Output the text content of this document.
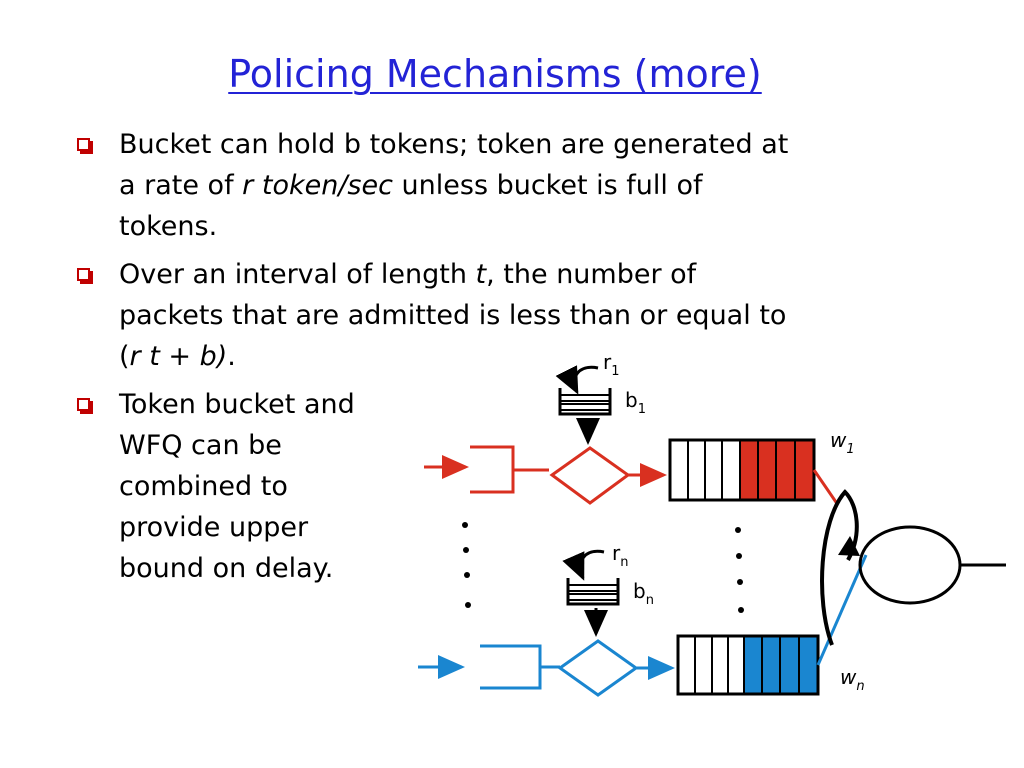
Policing Mechanisms (more)
Bucket can hold b tokens; token are generated at
a rate of r token/sec unless bucket is full of
tokens.
Over an interval of length t, the number of
packets that are admitted is less than or equal to
(r t + b).
Token bucket and
WFQ can be
combined to
provide upper
bound on delay.
$r_1$
$b_1$
$w_1$
$r_n$
$b_n$
$w_n$
